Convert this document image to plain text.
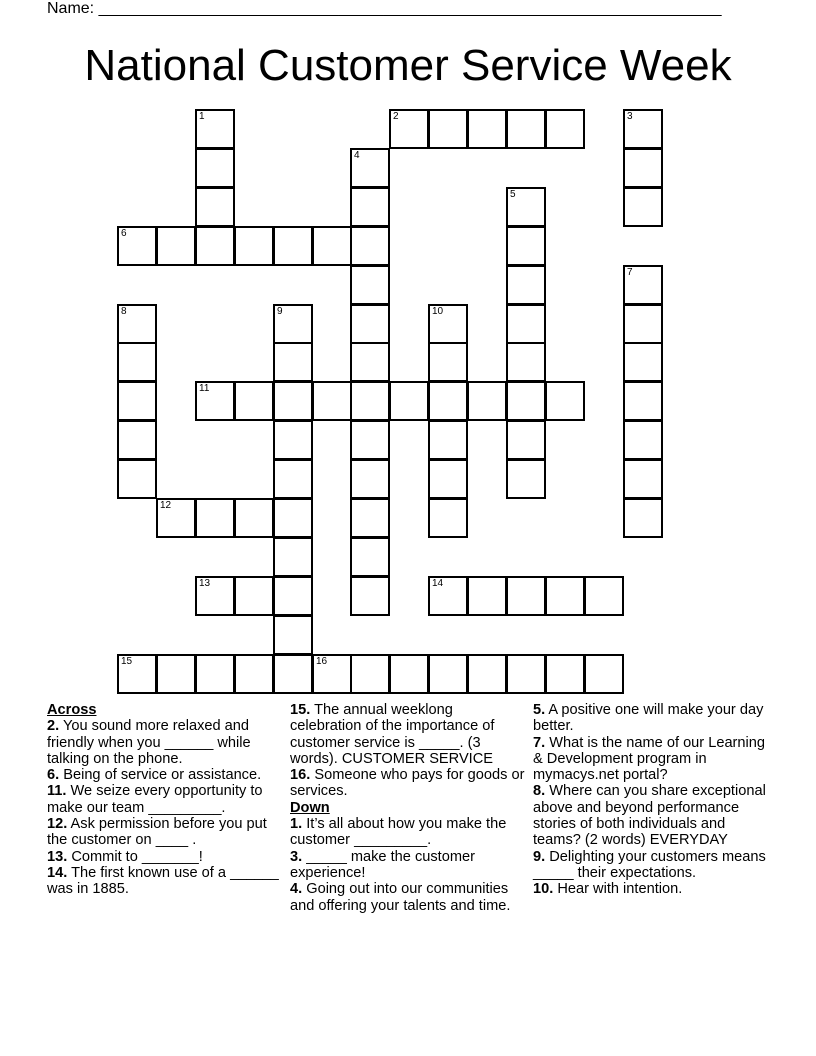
Name: ______________________________________________________________________
National Customer Service Week
1	2	3
4
5
6
7
8	9	10
11
12
13	14
15	16

Across

2. You sound more relaxed and friendly when you ______ while talking on the phone.

6. Being of service or assistance.

11. We seize every opportunity to make our team _________.

12. Ask permission before you put the customer on ____ .

13. Commit to _______!

14. The first known use of a ______ was in 1885.

15. The annual weeklong celebration of the importance of customer service is _____. (3 words). CUSTOMER SERVICE

16. Someone who pays for goods or services.

Down

1. It’s all about how you make the customer _________.

3. _____ make the customer experience!

4. Going out into our communities and offering your talents and time.

5. A positive one will make your day better.

7. What is the name of our Learning & Development program in mymacys.net portal?

8. Where can you share exceptional above and beyond performance stories of both individuals and teams? (2 words) EVERYDAY

9. Delighting your customers means _____ their expectations.

10. Hear with intention.
